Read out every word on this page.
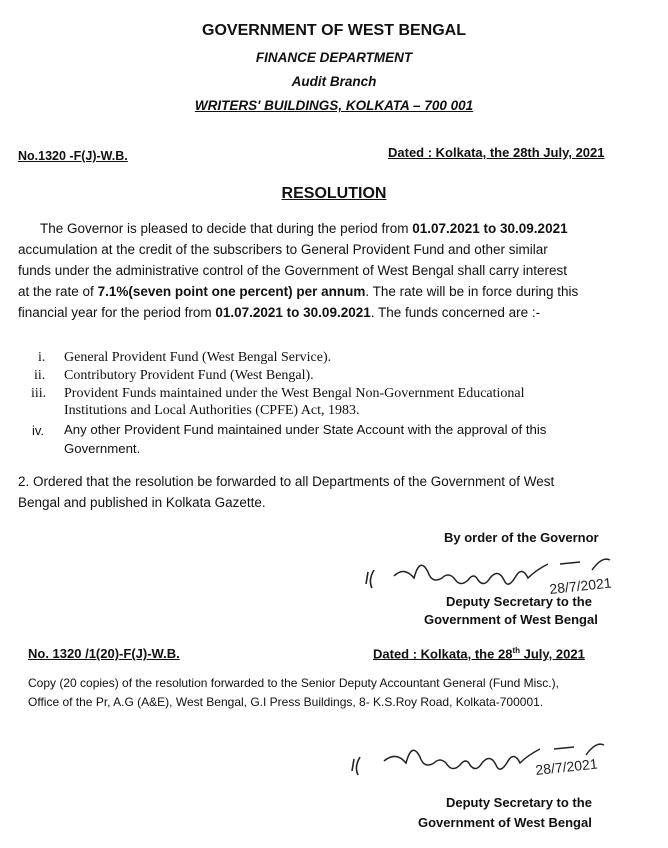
GOVERNMENT OF WEST BENGAL
FINANCE DEPARTMENT
Audit Branch
WRITERS' BUILDINGS, KOLKATA – 700 001
No.1320 -F(J)-W.B.	Dated : Kolkata, the 28th July, 2021
RESOLUTION
The Governor is pleased to decide that during the period from 01.07.2021 to 30.09.2021
accumulation at the credit of the subscribers to General Provident Fund and other similar
funds under the administrative control of the Government of West Bengal shall carry interest
at the rate of 7.1%(seven point one percent) per annum. The rate will be in force during this
financial year for the period from 01.07.2021 to 30.09.2021. The funds concerned are :-
i. General Provident Fund (West Bengal Service).
ii. Contributory Provident Fund (West Bengal).
iii. Provident Funds maintained under the West Bengal Non-Government Educational
Institutions and Local Authorities (CPFE) Act, 1983.
iv. Any other Provident Fund maintained under State Account with the approval of this
Government.
2. Ordered that the resolution be forwarded to all Departments of the Government of West
Bengal and published in Kolkata Gazette.
By order of the Governor
28/7/2021
Deputy Secretary to the
Government of West Bengal
No. 1320 /1(20)-F(J)-W.B.	Dated : Kolkata, the 28th July, 2021
Copy (20 copies) of the resolution forwarded to the Senior Deputy Accountant General (Fund Misc.),
Office of the Pr, A.G (A&E), West Bengal, G.I Press Buildings, 8- K.S.Roy Road, Kolkata-700001.
28/7/2021
Deputy Secretary to the
Government of West Bengal
